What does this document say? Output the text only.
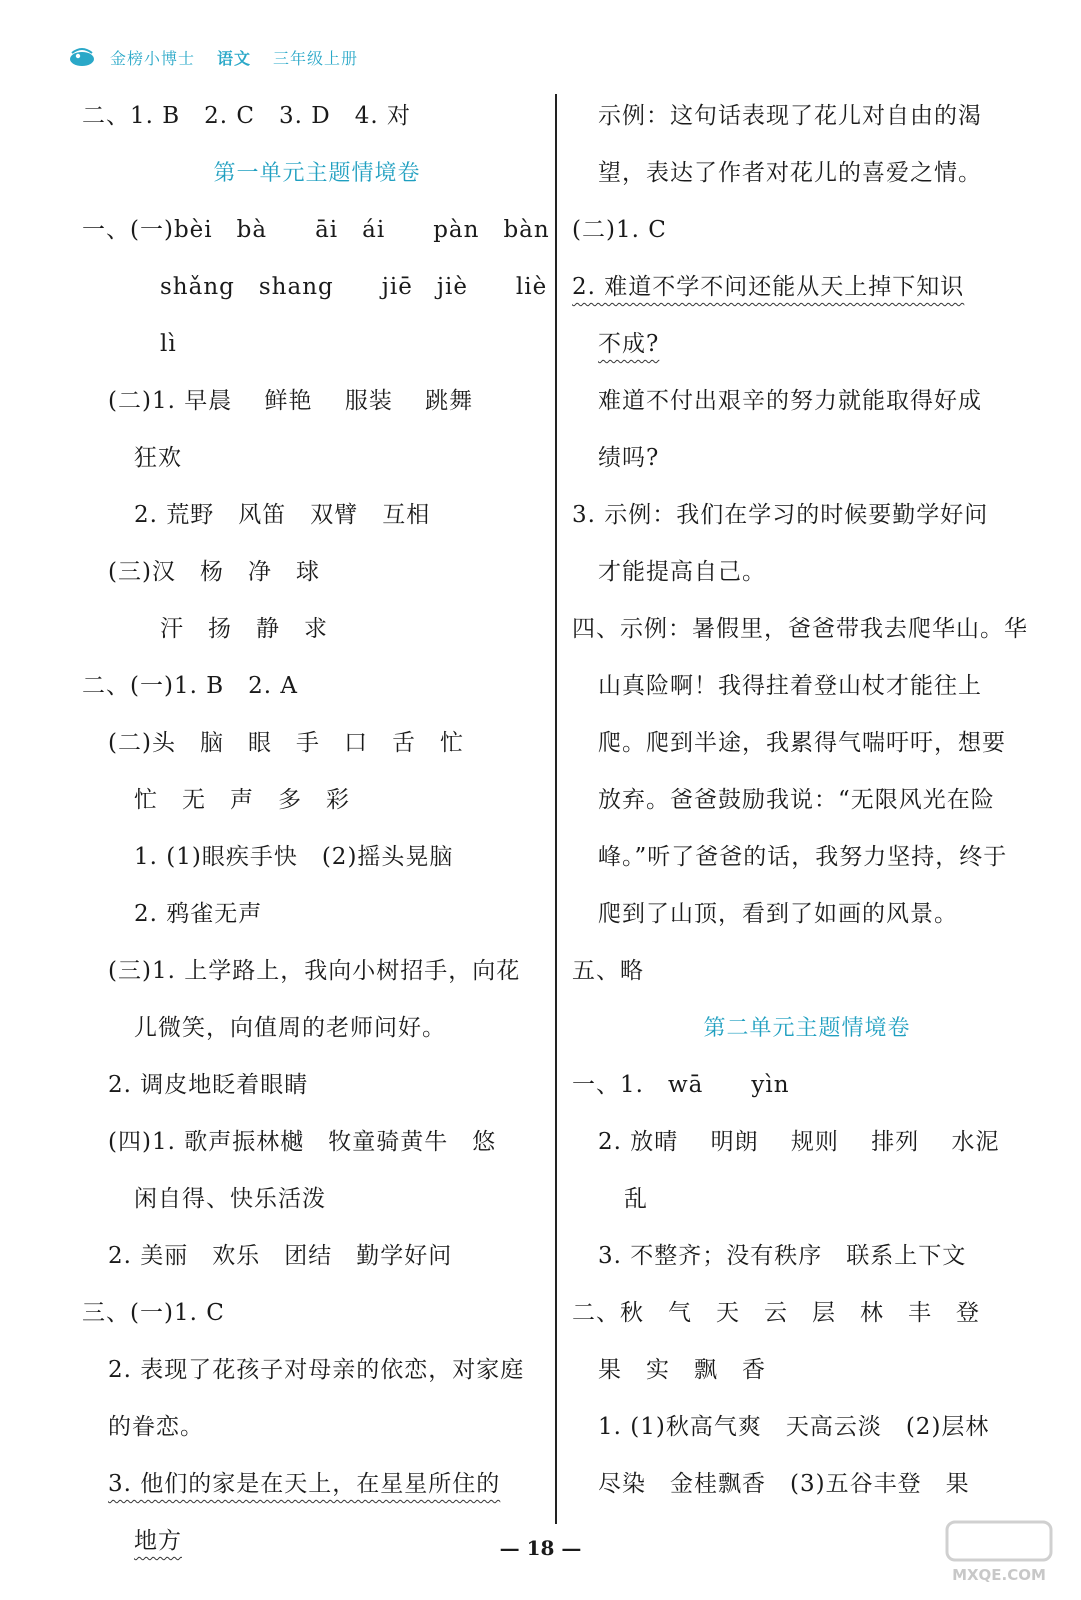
金榜小博士 语文 三年级上册
二、1. B　2. C　3. D　4. 对
第一单元主题情境卷
一、(一)bèi　bà　　āi　ái　　pàn　bàn
shǎng　shang　　jiē　jiè　　liè
lì
(二)1. 早晨　 鲜艳　 服装　 跳舞
狂欢
2. 荒野　风笛　双臂　互相
(三)汉　杨　净　球
汗　扬　静　求
二、(一)1. B　2. A
(二)头　脑　眼　手　口　舌　忙
忙　无　声　多　彩
1. (1)眼疾手快　(2)摇头晃脑
2. 鸦雀无声
(三)1. 上学路上，我向小树招手，向花
儿微笑，向值周的老师问好。
2. 调皮地眨着眼睛
(四)1. 歌声振林樾　牧童骑黄牛　悠
闲自得、快乐活泼
2. 美丽　欢乐　团结　勤学好问
三、(一)1. C
2. 表现了花孩子对母亲的依恋，对家庭
的眷恋。
3. 他们的家是在天上，在星星所住的
地方
示例：这句话表现了花儿对自由的渴
望，表达了作者对花儿的喜爱之情。
(二)1. C
2. 难道不学不问还能从天上掉下知识
不成?
难道不付出艰辛的努力就能取得好成
绩吗?
3. 示例：我们在学习的时候要勤学好问
才能提高自己。
四、示例：暑假里，爸爸带我去爬华山。华
山真险啊！我得拄着登山杖才能往上
爬。爬到半途，我累得气喘吁吁，想要
放弃。爸爸鼓励我说：“无限风光在险
峰。”听了爸爸的话，我努力坚持，终于
爬到了山顶，看到了如画的风景。
五、略
第二单元主题情境卷
一、1.　wā　　yìn
2. 放晴　 明朗　 规则　 排列　 水泥
乱
3. 不整齐；没有秩序　联系上下文
二、秋　气　天　云　层　林　丰　登
果　实　飘　香
1. (1)秋高气爽　天高云淡　(2)层林
尽染　金桂飘香　(3)五谷丰登　果
— 18 —
MXQE.COM
